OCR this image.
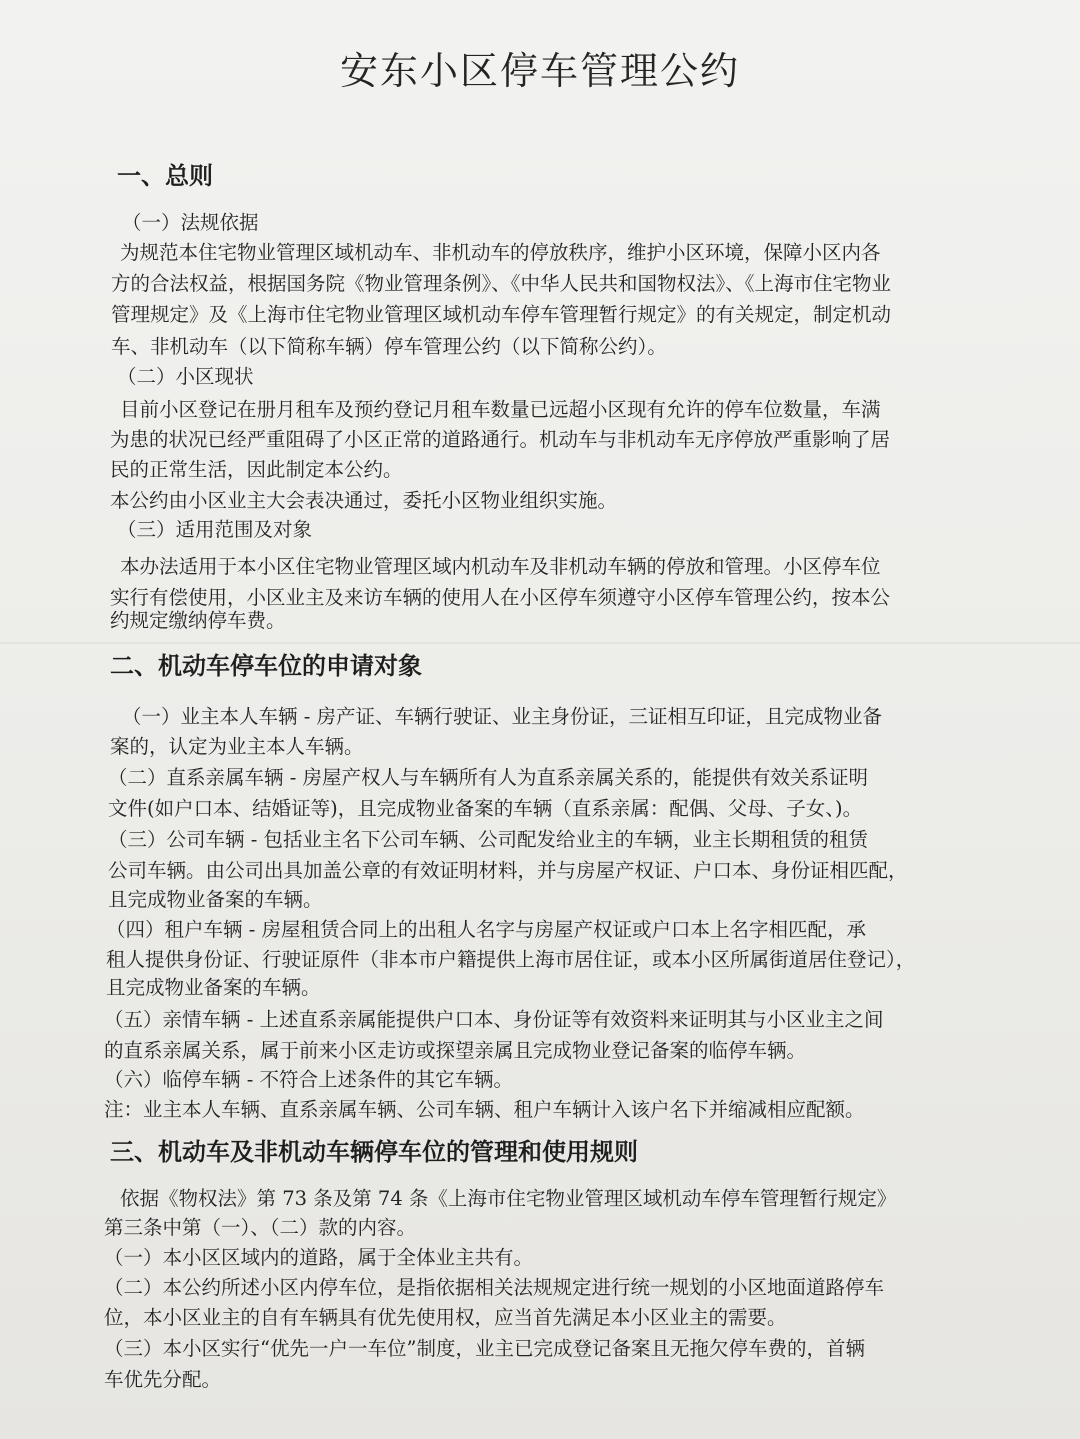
安东小区停车管理公约
一、总则
（一）法规依据
为规范本住宅物业管理区域机动车、非机动车的停放秩序，维护小区环境，保障小区内各
方的合法权益，根据国务院《物业管理条例》、《中华人民共和国物权法》、《上海市住宅物业
管理规定》及《上海市住宅物业管理区域机动车停车管理暂行规定》的有关规定，制定机动
车、非机动车（以下简称车辆）停车管理公约（以下简称公约）。
（二）小区现状
目前小区登记在册月租车及预约登记月租车数量已远超小区现有允许的停车位数量，车满
为患的状况已经严重阻碍了小区正常的道路通行。机动车与非机动车无序停放严重影响了居
民的正常生活，因此制定本公约。
本公约由小区业主大会表决通过，委托小区物业组织实施。
（三）适用范围及对象
本办法适用于本小区住宅物业管理区域内机动车及非机动车辆的停放和管理。小区停车位
实行有偿使用，小区业主及来访车辆的使用人在小区停车须遵守小区停车管理公约，按本公
约规定缴纳停车费。
二、机动车停车位的申请对象
（一）业主本人车辆 - 房产证、车辆行驶证、业主身份证，三证相互印证，且完成物业备
案的，认定为业主本人车辆。
（二）直系亲属车辆 - 房屋产权人与车辆所有人为直系亲属关系的，能提供有效关系证明
文件(如户口本、结婚证等)，且完成物业备案的车辆（直系亲属：配偶、父母、子女、)。
（三）公司车辆 - 包括业主名下公司车辆、公司配发给业主的车辆，业主长期租赁的租赁
公司车辆。由公司出具加盖公章的有效证明材料，并与房屋产权证、户口本、身份证相匹配，
且完成物业备案的车辆。
（四）租户车辆 - 房屋租赁合同上的出租人名字与房屋产权证或户口本上名字相匹配，承
租人提供身份证、行驶证原件（非本市户籍提供上海市居住证，或本小区所属街道居住登记），
且完成物业备案的车辆。
（五）亲情车辆 - 上述直系亲属能提供户口本、身份证等有效资料来证明其与小区业主之间
的直系亲属关系，属于前来小区走访或探望亲属且完成物业登记备案的临停车辆。
（六）临停车辆 - 不符合上述条件的其它车辆。
注：业主本人车辆、直系亲属车辆、公司车辆、租户车辆计入该户名下并缩减相应配额。
三、机动车及非机动车辆停车位的管理和使用规则
依据《物权法》第 73 条及第 74 条《上海市住宅物业管理区域机动车停车管理暂行规定》
第三条中第（一）、（二）款的内容。
（一）本小区区域内的道路，属于全体业主共有。
（二）本公约所述小区内停车位，是指依据相关法规规定进行统一规划的小区地面道路停车
位，本小区业主的自有车辆具有优先使用权，应当首先满足本小区业主的需要。
（三）本小区实行“优先一户一车位”制度，业主已完成登记备案且无拖欠停车费的，首辆
车优先分配。
